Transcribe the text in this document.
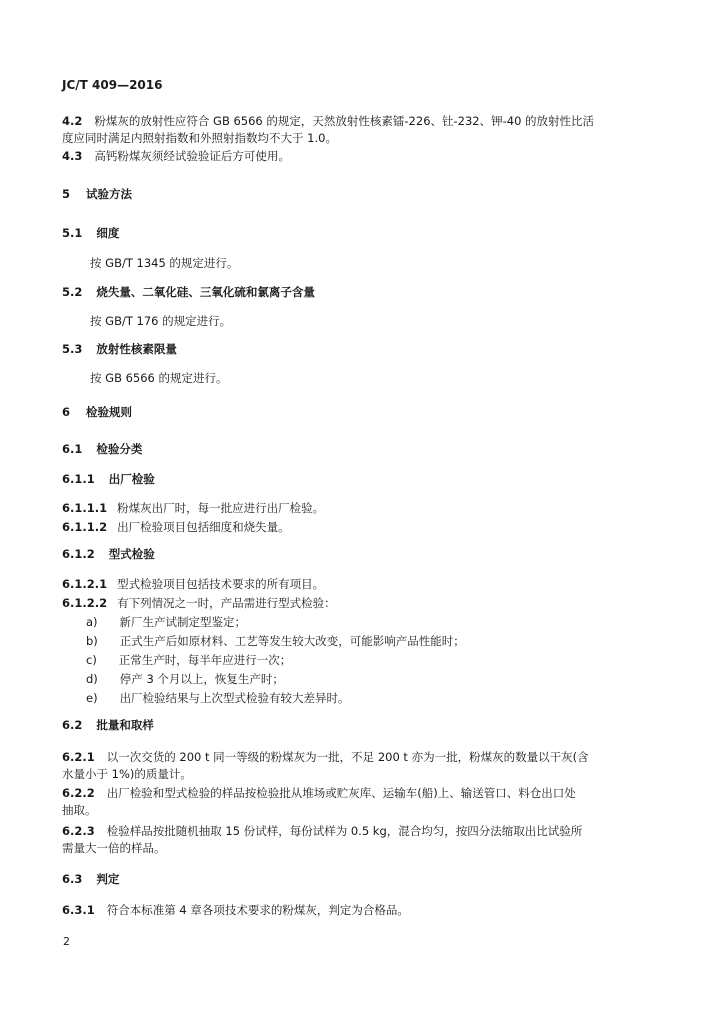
JC/T 409—2016
4.2 粉煤灰的放射性应符合 GB 6566 的规定，天然放射性核素镭-226、钍-232、钾-40 的放射性比活
度应同时满足内照射指数和外照射指数均不大于 1.0。
4.3 高钙粉煤灰须经试验验证后方可使用。
5 试验方法
5.1 细度
按 GB/T 1345 的规定进行。
5.2 烧失量、二氧化硅、三氧化硫和氯离子含量
按 GB/T 176 的规定进行。
5.3 放射性核素限量
按 GB 6566 的规定进行。
6 检验规则
6.1 检验分类
6.1.1 出厂检验
6.1.1.1 粉煤灰出厂时，每一批应进行出厂检验。
6.1.1.2 出厂检验项目包括细度和烧失量。
6.1.2 型式检验
6.1.2.1 型式检验项目包括技术要求的所有项目。
6.1.2.2 有下列情况之一时，产品需进行型式检验：
a) 新厂生产试制定型鉴定；
b) 正式生产后如原材料、工艺等发生较大改变，可能影响产品性能时；
c) 正常生产时，每半年应进行一次；
d) 停产 3 个月以上，恢复生产时；
e) 出厂检验结果与上次型式检验有较大差异时。
6.2 批量和取样
6.2.1 以一次交货的 200 t 同一等级的粉煤灰为一批，不足 200 t 亦为一批，粉煤灰的数量以干灰(含
水量小于 1%)的质量计。
6.2.2 出厂检验和型式检验的样品按检验批从堆场或贮灰库、运输车(船)上、输送管口、料仓出口处
抽取。
6.2.3 检验样品按批随机抽取 15 份试样，每份试样为 0.5 kg，混合均匀，按四分法缩取出比试验所
需量大一倍的样品。
6.3 判定
6.3.1 符合本标准第 4 章各项技术要求的粉煤灰，判定为合格品。
2
